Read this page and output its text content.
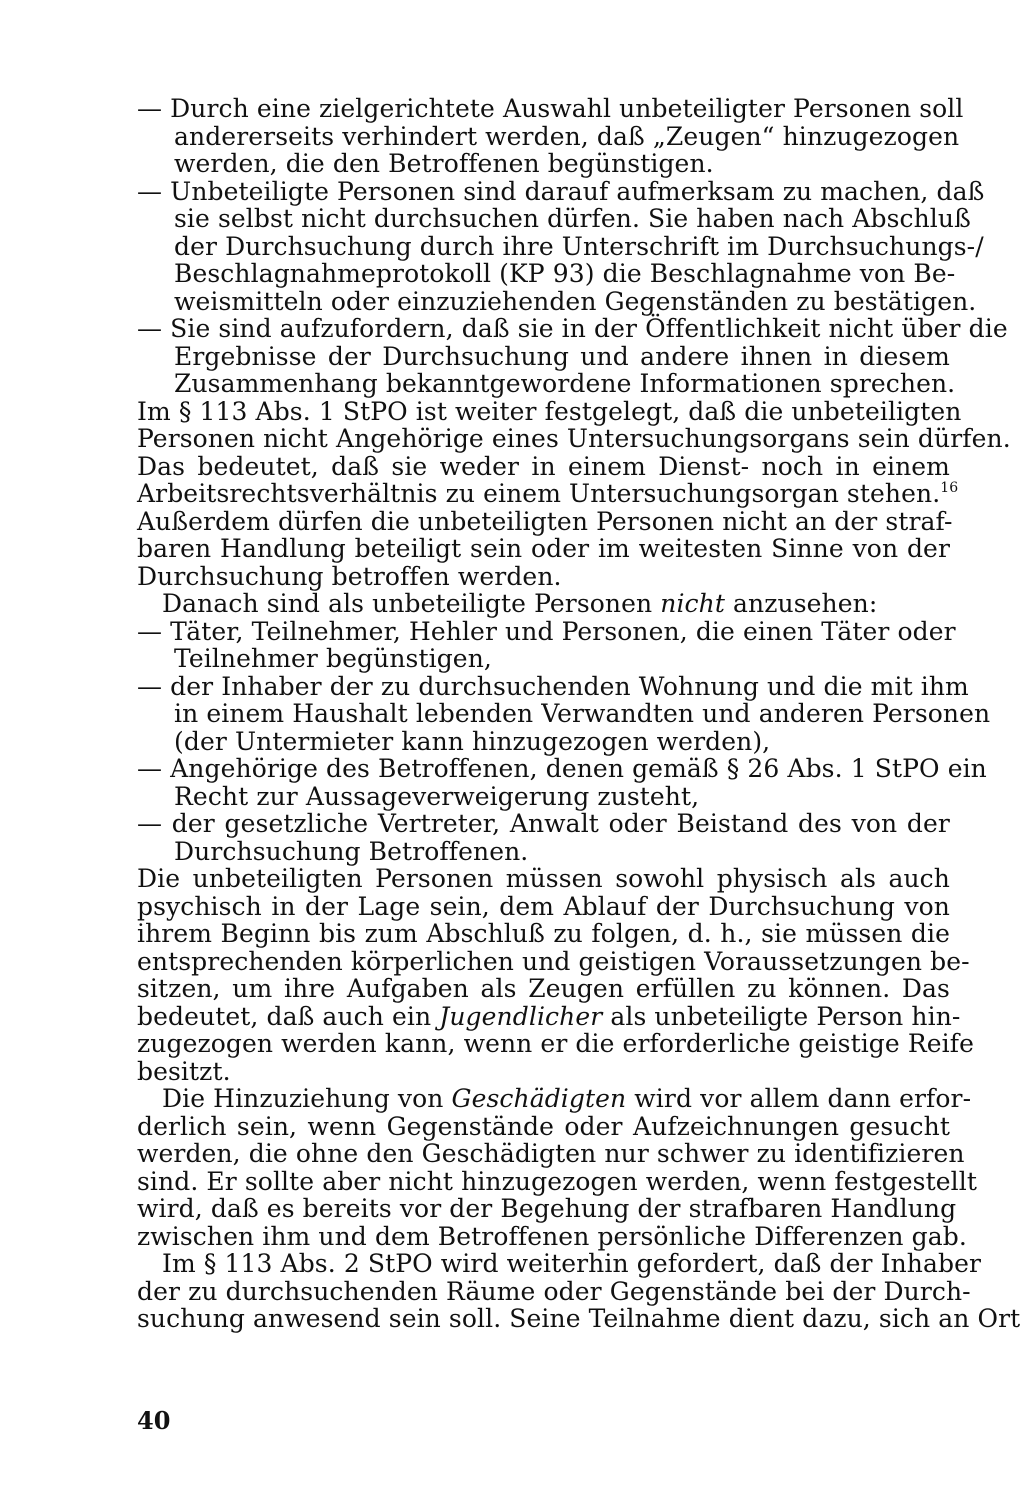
— Durch eine zielgerichtete Auswahl unbeteiligter Personen soll
andererseits verhindert werden, daß „Zeugen“ hinzugezogen
werden, die den Betroffenen begünstigen.
— Unbeteiligte Personen sind darauf aufmerksam zu machen, daß
sie selbst nicht durchsuchen dürfen. Sie haben nach Abschluß
der Durchsuchung durch ihre Unterschrift im Durchsuchungs-/
Beschlagnahmeprotokoll (KP 93) die Beschlagnahme von Be-
weismitteln oder einzuziehenden Gegenständen zu bestätigen.
— Sie sind aufzufordern, daß sie in der Öffentlichkeit nicht über die
Ergebnisse der Durchsuchung und andere ihnen in diesem
Zusammenhang bekanntgewordene Informationen sprechen.
Im § 113 Abs. 1 StPO ist weiter festgelegt, daß die unbeteiligten
Personen nicht Angehörige eines Untersuchungsorgans sein dürfen.
Das bedeutet, daß sie weder in einem Dienst- noch in einem
Arbeitsrechtsverhältnis zu einem Untersuchungsorgan stehen.$^{16}$
Außerdem dürfen die unbeteiligten Personen nicht an der straf-
baren Handlung beteiligt sein oder im weitesten Sinne von der
Durchsuchung betroffen werden.
Danach sind als unbeteiligte Personen nicht anzusehen:
— Täter, Teilnehmer, Hehler und Personen, die einen Täter oder
Teilnehmer begünstigen,
— der Inhaber der zu durchsuchenden Wohnung und die mit ihm
in einem Haushalt lebenden Verwandten und anderen Personen
(der Untermieter kann hinzugezogen werden),
— Angehörige des Betroffenen, denen gemäß § 26 Abs. 1 StPO ein
Recht zur Aussageverweigerung zusteht,
— der gesetzliche Vertreter, Anwalt oder Beistand des von der
Durchsuchung Betroffenen.
Die unbeteiligten Personen müssen sowohl physisch als auch
psychisch in der Lage sein, dem Ablauf der Durchsuchung von
ihrem Beginn bis zum Abschluß zu folgen, d. h., sie müssen die
entsprechenden körperlichen und geistigen Voraussetzungen be-
sitzen, um ihre Aufgaben als Zeugen erfüllen zu können. Das
bedeutet, daß auch ein Jugendlicher als unbeteiligte Person hin-
zugezogen werden kann, wenn er die erforderliche geistige Reife
besitzt.
Die Hinzuziehung von Geschädigten wird vor allem dann erfor-
derlich sein, wenn Gegenstände oder Aufzeichnungen gesucht
werden, die ohne den Geschädigten nur schwer zu identifizieren
sind. Er sollte aber nicht hinzugezogen werden, wenn festgestellt
wird, daß es bereits vor der Begehung der strafbaren Handlung
zwischen ihm und dem Betroffenen persönliche Differenzen gab.
Im § 113 Abs. 2 StPO wird weiterhin gefordert, daß der Inhaber
der zu durchsuchenden Räume oder Gegenstände bei der Durch-
suchung anwesend sein soll. Seine Teilnahme dient dazu, sich an Ort
40
